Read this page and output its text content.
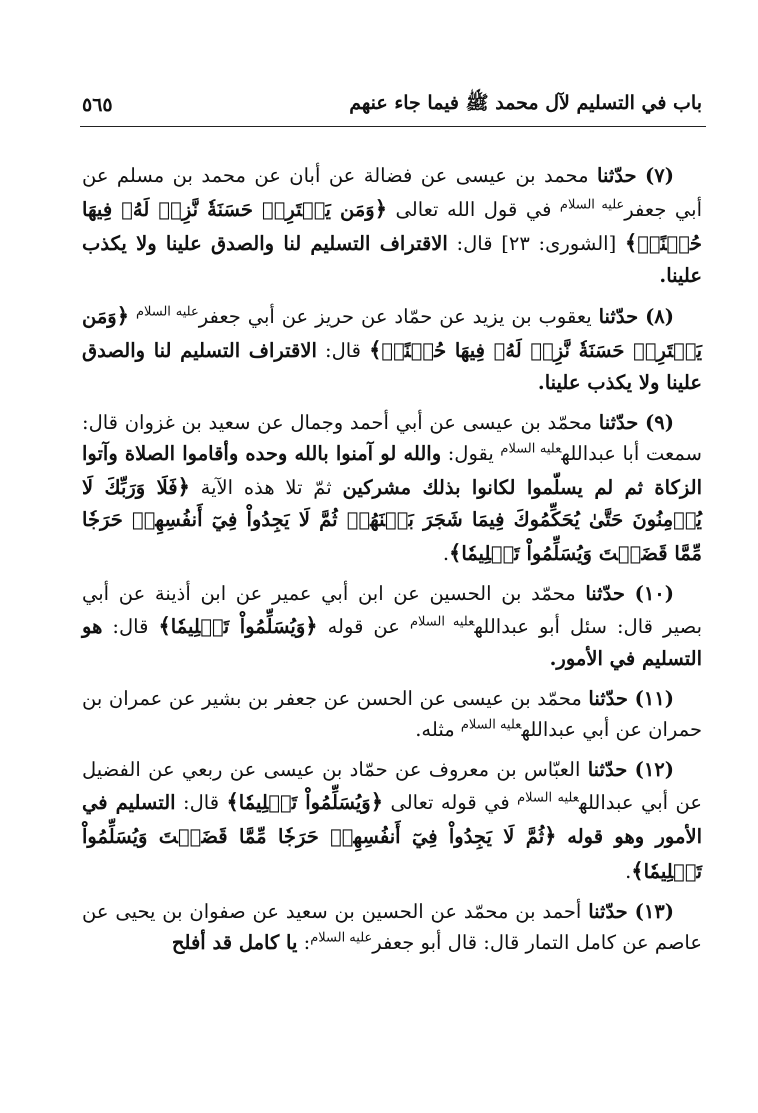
باب في التسليم لآل محمد ﷺ فيما جاء عنهم
٥٦٥

(٧) حدّثنا محمد بن عيسى عن فضالة عن أبان عن محمد بن مسلم عن أبي جعفر$^{عليه السلام}$ في قول الله تعالى ﴿وَمَن يَقۡتَرِفۡ حَسَنَةٗ نَّزِدۡ لَهُۥ فِيهَا حُسۡنًاۚ﴾ [الشورى: ٢٣] قال: الاقتراف التسليم لنا والصدق علينا ولا يكذب علينا.

(٨) حدّثنا يعقوب بن يزيد عن حمّاد عن حريز عن أبي جعفر$^{عليه السلام}$ ﴿وَمَن يَقۡتَرِفۡ حَسَنَةٗ نَّزِدۡ لَهُۥ فِيهَا حُسۡنًاۚ﴾ قال: الاقتراف التسليم لنا والصدق علينا ولا يكذب علينا.

(٩) حدّثنا محمّد بن عيسى عن أبي أحمد وجمال عن سعيد بن غزوان قال: سمعت أبا عبدالله$^{عليه السلام}$ يقول: والله لو آمنوا بالله وحده وأقاموا الصلاة وآتوا الزكاة ثم لم يسلّموا لكانوا بذلك مشركين ثمّ تلا هذه الآية ﴿فَلَا وَرَبِّكَ لَا يُؤۡمِنُونَ حَتَّىٰ يُحَكِّمُوكَ فِيمَا شَجَرَ بَيۡنَهُمۡ ثُمَّ لَا يَجِدُواْ فِيٓ أَنفُسِهِمۡ حَرَجٗا مِّمَّا قَضَيۡتَ وَيُسَلِّمُواْ تَسۡلِيمٗا﴾.

(١٠) حدّثنا محمّد بن الحسين عن ابن أبي عمير عن ابن أذينة عن أبي بصير قال: سئل أبو عبدالله$^{عليه السلام}$ عن قوله ﴿وَيُسَلِّمُواْ تَسۡلِيمٗا﴾ قال: هو التسليم في الأمور.

(١١) حدّثنا محمّد بن عيسى عن الحسن عن جعفر بن بشير عن عمران بن حمران عن أبي عبدالله$^{عليه السلام}$ مثله.

(١٢) حدّثنا العبّاس بن معروف عن حمّاد بن عيسى عن ربعي عن الفضيل عن أبي عبدالله$^{عليه السلام}$ في قوله تعالى ﴿وَيُسَلِّمُواْ تَسۡلِيمٗا﴾ قال: التسليم في الأمور وهو قوله ﴿ثُمَّ لَا يَجِدُواْ فِيٓ أَنفُسِهِمۡ حَرَجٗا مِّمَّا قَضَيۡتَ وَيُسَلِّمُواْ تَسۡلِيمٗا﴾.

(١٣) حدّثنا أحمد بن محمّد عن الحسين بن سعيد عن صفوان بن يحيى عن عاصم عن كامل التمار قال: قال أبو جعفر$^{عليه السلام}$: يا كامل قد أفلح
